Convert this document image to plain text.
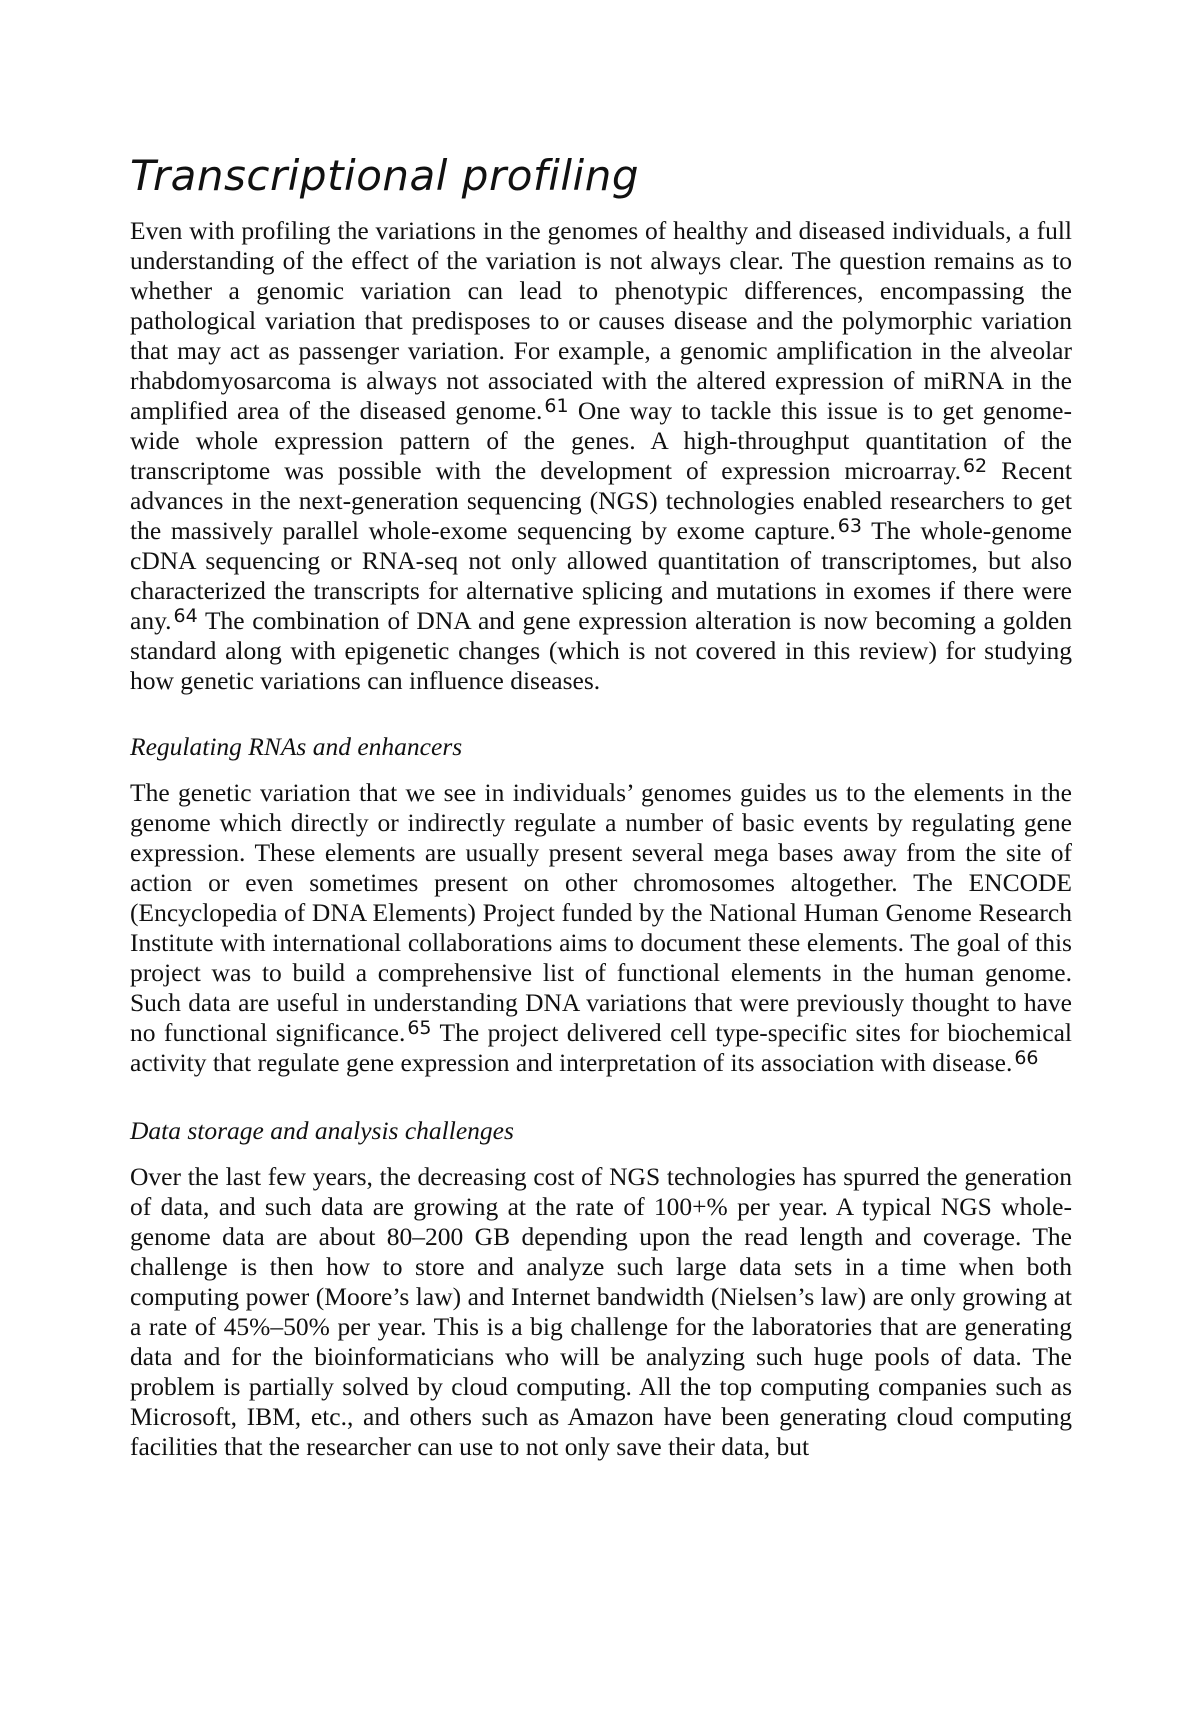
Transcriptional profiling

Even with profiling the variations in the genomes of healthy and diseased individuals, a full understanding of the effect of the variation is not always clear. The question remains as to whether a genomic variation can lead to phenotypic differences, encompassing the pathological variation that predisposes to or causes disease and the polymorphic variation that may act as passenger variation. For example, a genomic amplification in the alveolar rhabdomyosarcoma is always not associated with the altered expression of miRNA in the amplified area of the diseased genome. $^{61}$ One way to tackle this issue is to get genome- wide whole expression pattern of the genes. A high-throughput quantitation of the transcriptome was possible with the development of expression microarray. $^{62}$ Recent advances in the next-generation sequencing (NGS) technologies enabled researchers to get the massively parallel whole-exome sequencing by exome capture. $^{63}$ The whole-genome cDNA sequencing or RNA-seq not only allowed quantitation of transcriptomes, but also characterized the transcripts for alternative splicing and mutations in exomes if there were any. $^{64}$ The combination of DNA and gene expression alteration is now becoming a golden standard along with epigenetic changes (which is not covered in this review) for studying how genetic variations can influence diseases.

Regulating RNAs and enhancers

The genetic variation that we see in individuals’ genomes guides us to the elements in the genome which directly or indirectly regulate a number of basic events by regulating gene expression. These elements are usually present several mega bases away from the site of action or even sometimes present on other chromosomes altogether. The ENCODE (Encyclopedia of DNA Elements) Project funded by the National Human Genome Research Institute with international collaborations aims to document these elements. The goal of this project was to build a comprehensive list of functional elements in the human genome. Such data are useful in understanding DNA variations that were previously thought to have no functional significance. $^{65}$ The project delivered cell type-specific sites for biochemical activity that regulate gene expression and interpretation of its association with disease. $^{66}$

Data storage and analysis challenges

Over the last few years, the decreasing cost of NGS technologies has spurred the generation of data, and such data are growing at the rate of 100+% per year. A typical NGS whole- genome data are about 80–200 GB depending upon the read length and coverage. The challenge is then how to store and analyze such large data sets in a time when both computing power (Moore’s law) and Internet bandwidth (Nielsen’s law) are only growing at a rate of 45%–50% per year. This is a big challenge for the laboratories that are generating data and for the bioinformaticians who will be analyzing such huge pools of data. The problem is partially solved by cloud computing. All the top computing companies such as Microsoft, IBM, etc., and others such as Amazon have been generating cloud computing facilities that the researcher can use to not only save their data, but
